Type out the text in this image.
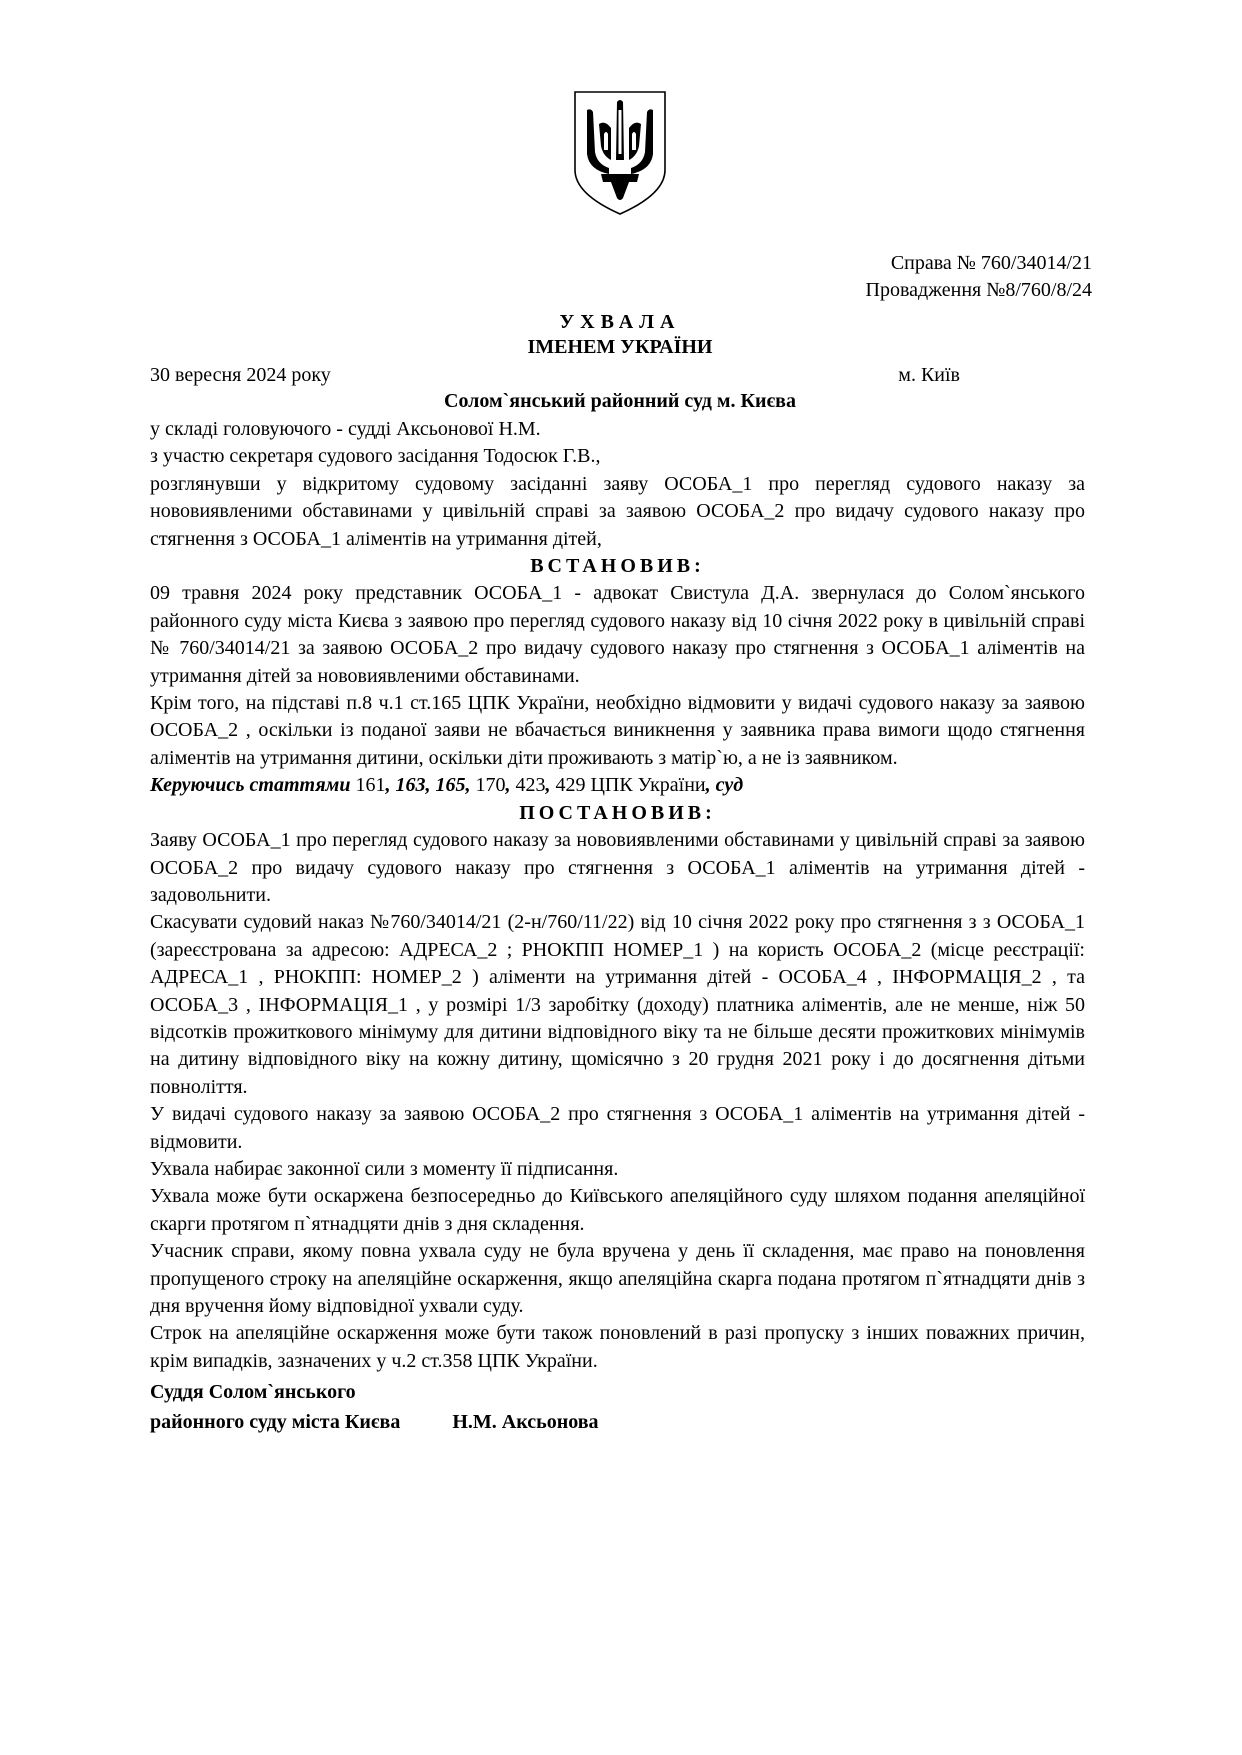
Справа № 760/34014/21
Провадження №8/760/8/24
УХВАЛА
ІМЕНЕМ УКРАЇНИ
30 вересня 2024 року	м. Київ
Солом`янський районний суд м. Києва

у складі головуючого - судді Аксьонової Н.М.

з участю секретаря судового засідання Тодосюк Г.В.,

розглянувши у відкритому судовому засіданні заяву ОСОБА_1 про перегляд судового наказу за нововиявленими обставинами у цивільній справі за заявою ОСОБА_2 про видачу судового наказу про стягнення з ОСОБА_1 аліментів на утримання дітей,

ВСТАНОВИВ:

09 травня 2024 року представник ОСОБА_1 - адвокат Свистула Д.А. звернулася до Солом`янського районного суду міста Києва з заявою про перегляд судового наказу від 10 січня 2022 року в цивільній справі № 760/34014/21 за заявою ОСОБА_2 про видачу судового наказу про стягнення з ОСОБА_1 аліментів на утримання дітей за нововиявленими обставинами.

Крім того, на підставі п.8 ч.1 ст.165 ЦПК України, необхідно відмовити у видачі судового наказу за заявою ОСОБА_2 , оскільки із поданої заяви не вбачається виникнення у заявника права вимоги щодо стягнення аліментів на утримання дитини, оскільки діти проживають з матір`ю, а не із заявником.

Керуючись статтями 161, 163, 165, 170, 423, 429 ЦПК України, суд

ПОСТАНОВИВ:

Заяву ОСОБА_1 про перегляд судового наказу за нововиявленими обставинами у цивільній справі за заявою ОСОБА_2 про видачу судового наказу про стягнення з ОСОБА_1 аліментів на утримання дітей - задовольнити.

Скасувати судовий наказ №760/34014/21 (2-н/760/11/22) від 10 січня 2022 року про стягнення з з ОСОБА_1 (зареєстрована за адресою: АДРЕСА_2 ; РНОКПП НОМЕР_1 ) на користь ОСОБА_2 (місце реєстрації: АДРЕСА_1 , РНОКПП: НОМЕР_2 ) аліменти на утримання дітей - ОСОБА_4 , ІНФОРМАЦІЯ_2 , та ОСОБА_3 , ІНФОРМАЦІЯ_1 , у розмірі 1/3 заробітку (доходу) платника аліментів, але не менше, ніж 50 відсотків прожиткового мінімуму для дитини відповідного віку та не більше десяти прожиткових мінімумів на дитину відповідного віку на кожну дитину, щомісячно з 20 грудня 2021 року і до досягнення дітьми повноліття.

У видачі судового наказу за заявою ОСОБА_2 про стягнення з ОСОБА_1 аліментів на утримання дітей - відмовити.

Ухвала набирає законної сили з моменту її підписання.

Ухвала може бути оскаржена безпосередньо до Київського апеляційного суду шляхом подання апеляційної скарги протягом п`ятнадцяти днів з дня складення.

Учасник справи, якому повна ухвала суду не була вручена у день її складення, має право на поновлення пропущеного строку на апеляційне оскарження, якщо апеляційна скарга подана протягом п`ятнадцяти днів з дня вручення йому відповідної ухвали суду.

Строк на апеляційне оскарження може бути також поновлений в разі пропуску з інших поважних причин, крім випадків, зазначених у ч.2 ст.358 ЦПК України.

Суддя Солом`янського
районного суду міста Києва	Н.М. Аксьонова
